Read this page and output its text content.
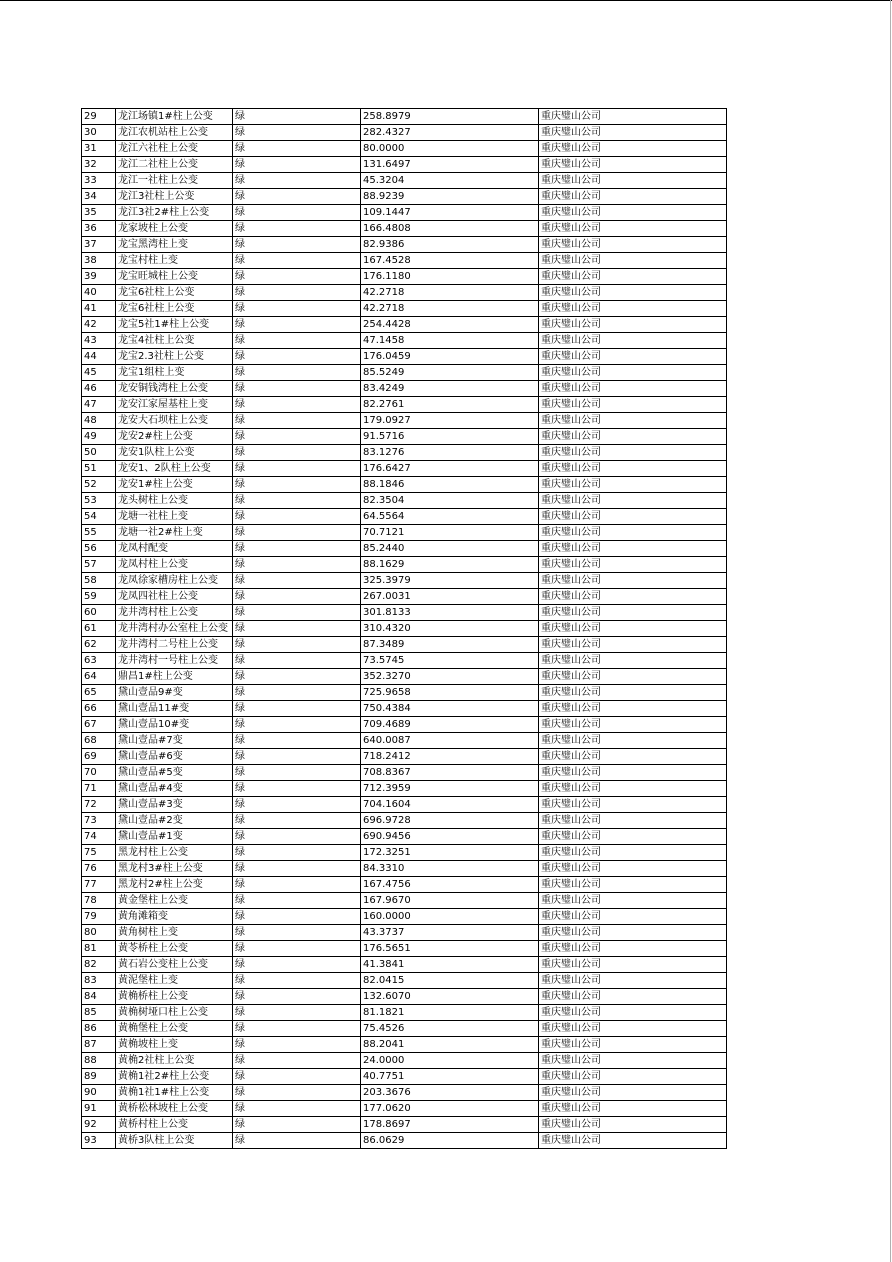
29	龙江场镇1#柱上公变	绿	258.8979	重庆璧山公司
30	龙江农机站柱上公变	绿	282.4327	重庆璧山公司
31	龙江六社柱上公变	绿	80.0000	重庆璧山公司
32	龙江二社柱上公变	绿	131.6497	重庆璧山公司
33	龙江一社柱上公变	绿	45.3204	重庆璧山公司
34	龙江3社柱上公变	绿	88.9239	重庆璧山公司
35	龙江3社2#柱上公变	绿	109.1447	重庆璧山公司
36	龙家坡柱上公变	绿	166.4808	重庆璧山公司
37	龙宝黑湾柱上变	绿	82.9386	重庆璧山公司
38	龙宝村柱上变	绿	167.4528	重庆璧山公司
39	龙宝旺城柱上公变	绿	176.1180	重庆璧山公司
40	龙宝6社柱上公变	绿	42.2718	重庆璧山公司
41	龙宝6社柱上公变	绿	42.2718	重庆璧山公司
42	龙宝5社1#柱上公变	绿	254.4428	重庆璧山公司
43	龙宝4社柱上公变	绿	47.1458	重庆璧山公司
44	龙宝2.3社柱上公变	绿	176.0459	重庆璧山公司
45	龙宝1组柱上变	绿	85.5249	重庆璧山公司
46	龙安铜钱湾柱上公变	绿	83.4249	重庆璧山公司
47	龙安江家屋基柱上变	绿	82.2761	重庆璧山公司
48	龙安大石坝柱上公变	绿	179.0927	重庆璧山公司
49	龙安2#柱上公变	绿	91.5716	重庆璧山公司
50	龙安1队柱上公变	绿	83.1276	重庆璧山公司
51	龙安1、2队柱上公变	绿	176.6427	重庆璧山公司
52	龙安1#柱上公变	绿	88.1846	重庆璧山公司
53	龙头树柱上公变	绿	82.3504	重庆璧山公司
54	龙塘一社柱上变	绿	64.5564	重庆璧山公司
55	龙塘一社2#柱上变	绿	70.7121	重庆璧山公司
56	龙凤村配变	绿	85.2440	重庆璧山公司
57	龙凤村柱上公变	绿	88.1629	重庆璧山公司
58	龙凤徐家槽房柱上公变	绿	325.3979	重庆璧山公司
59	龙凤四社柱上公变	绿	267.0031	重庆璧山公司
60	龙井湾村柱上公变	绿	301.8133	重庆璧山公司
61	龙井湾村办公室柱上公变	绿	310.4320	重庆璧山公司
62	龙井湾村二号柱上公变	绿	87.3489	重庆璧山公司
63	龙井湾村一号柱上公变	绿	73.5745	重庆璧山公司
64	鼎昌1#柱上公变	绿	352.3270	重庆璧山公司
65	黛山壹品9#变	绿	725.9658	重庆璧山公司
66	黛山壹品11#变	绿	750.4384	重庆璧山公司
67	黛山壹品10#变	绿	709.4689	重庆璧山公司
68	黛山壹品#7变	绿	640.0087	重庆璧山公司
69	黛山壹品#6变	绿	718.2412	重庆璧山公司
70	黛山壹品#5变	绿	708.8367	重庆璧山公司
71	黛山壹品#4变	绿	712.3959	重庆璧山公司
72	黛山壹品#3变	绿	704.1604	重庆璧山公司
73	黛山壹品#2变	绿	696.9728	重庆璧山公司
74	黛山壹品#1变	绿	690.9456	重庆璧山公司
75	黑龙村柱上公变	绿	172.3251	重庆璧山公司
76	黑龙村3#柱上公变	绿	84.3310	重庆璧山公司
77	黑龙村2#柱上公变	绿	167.4756	重庆璧山公司
78	黄金堡柱上公变	绿	167.9670	重庆璧山公司
79	黄角滩箱变	绿	160.0000	重庆璧山公司
80	黄角树柱上变	绿	43.3737	重庆璧山公司
81	黄苓桥柱上公变	绿	176.5651	重庆璧山公司
82	黄石岩公变柱上公变	绿	41.3841	重庆璧山公司
83	黄泥堡柱上变	绿	82.0415	重庆璧山公司
84	黄桷桥柱上公变	绿	132.6070	重庆璧山公司
85	黄桷树垭口柱上公变	绿	81.1821	重庆璧山公司
86	黄桷堡柱上公变	绿	75.4526	重庆璧山公司
87	黄桷坡柱上变	绿	88.2041	重庆璧山公司
88	黄桷2社柱上公变	绿	24.0000	重庆璧山公司
89	黄桷1社2#柱上公变	绿	40.7751	重庆璧山公司
90	黄桷1社1#柱上公变	绿	203.3676	重庆璧山公司
91	黄桥松林坡柱上公变	绿	177.0620	重庆璧山公司
92	黄桥村柱上公变	绿	178.8697	重庆璧山公司
93	黄桥3队柱上公变	绿	86.0629	重庆璧山公司
